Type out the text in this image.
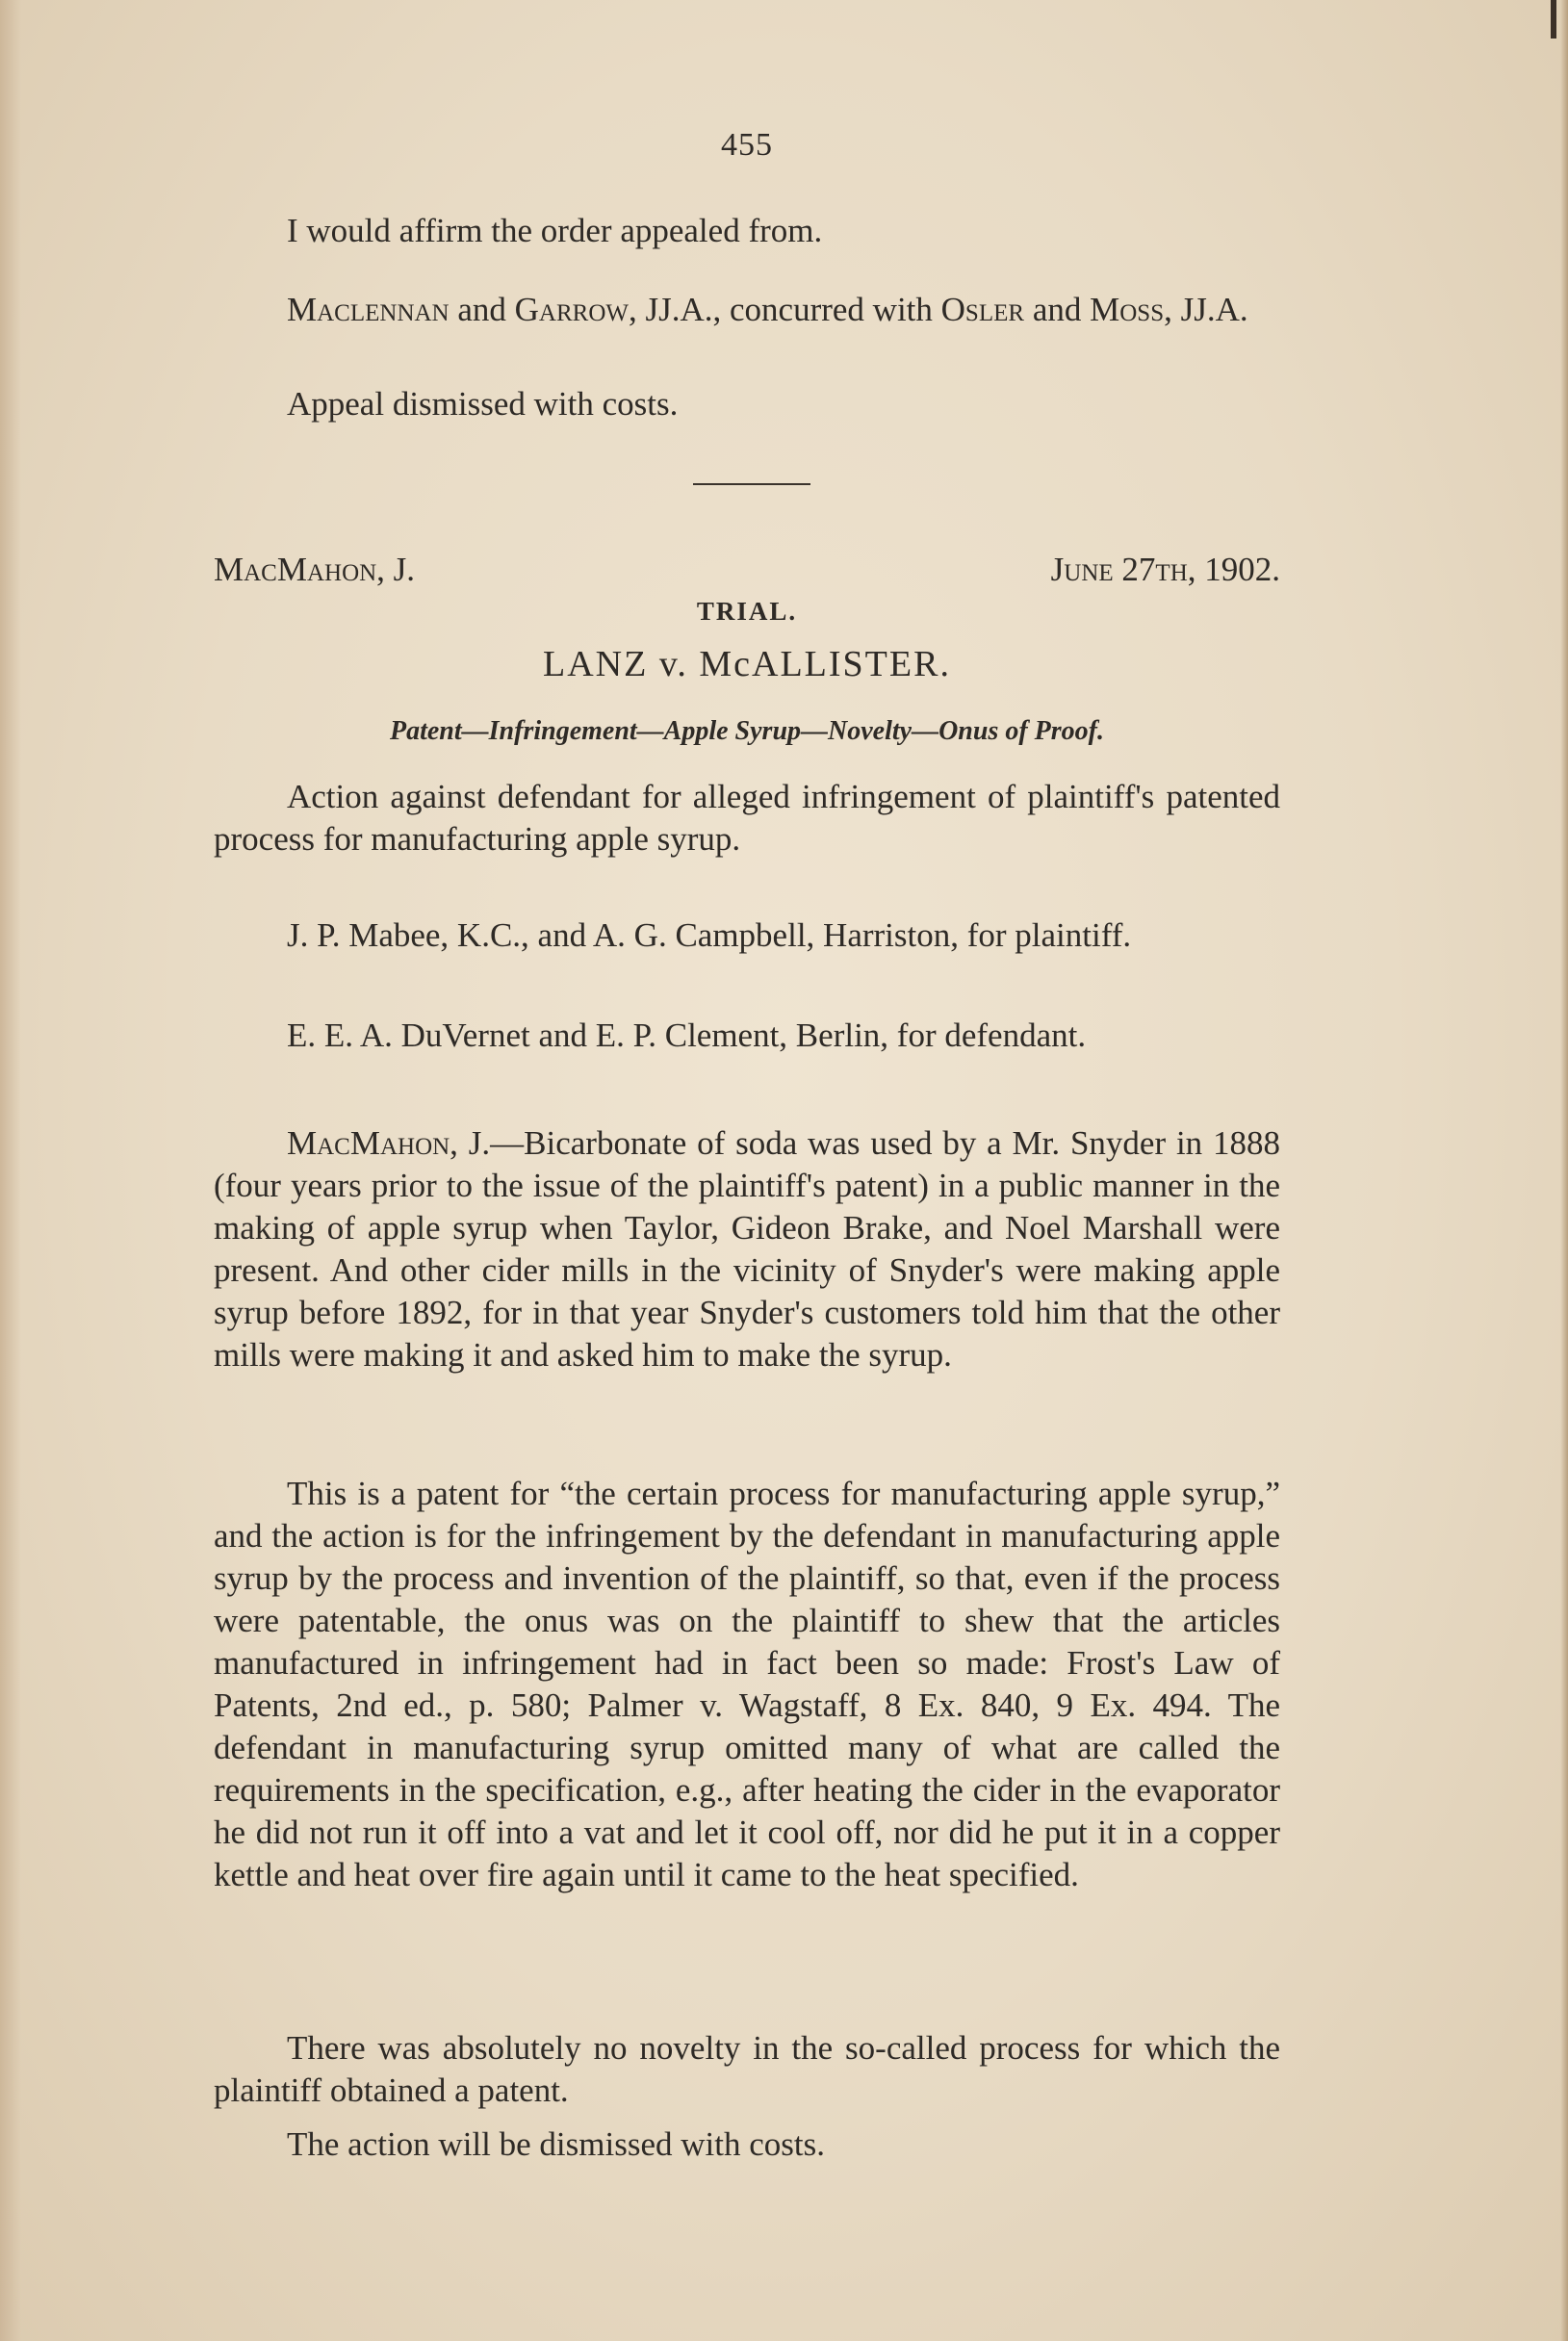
455
I would affirm the order appealed from.
Maclennan and Garrow, JJ.A., concurred with Osler and Moss, JJ.A.
Appeal dismissed with costs.
MacMahon, J.	June 27th, 1902.
TRIAL.
LANZ v. McALLISTER.
Patent—Infringement—Apple Syrup—Novelty—Onus of Proof.
Action against defendant for alleged infringement of plaintiff's patented process for manufacturing apple syrup.
J. P. Mabee, K.C., and A. G. Campbell, Harriston, for plaintiff.
E. E. A. DuVernet and E. P. Clement, Berlin, for defendant.
MacMahon, J.—Bicarbonate of soda was used by a Mr. Snyder in 1888 (four years prior to the issue of the plaintiff's patent) in a public manner in the making of apple syrup when Taylor, Gideon Brake, and Noel Marshall were present. And other cider mills in the vicinity of Snyder's were making apple syrup before 1892, for in that year Snyder's customers told him that the other mills were making it and asked him to make the syrup.
This is a patent for “the certain process for manufacturing apple syrup,” and the action is for the infringement by the defendant in manufacturing apple syrup by the process and invention of the plaintiff, so that, even if the process were patentable, the onus was on the plaintiff to shew that the articles manufactured in infringement had in fact been so made: Frost's Law of Patents, 2nd ed., p. 580; Palmer v. Wagstaff, 8 Ex. 840, 9 Ex. 494. The defendant in manufacturing syrup omitted many of what are called the requirements in the specification, e.g., after heating the cider in the evaporator he did not run it off into a vat and let it cool off, nor did he put it in a copper kettle and heat over fire again until it came to the heat specified.
There was absolutely no novelty in the so-called process for which the plaintiff obtained a patent.
The action will be dismissed with costs.
